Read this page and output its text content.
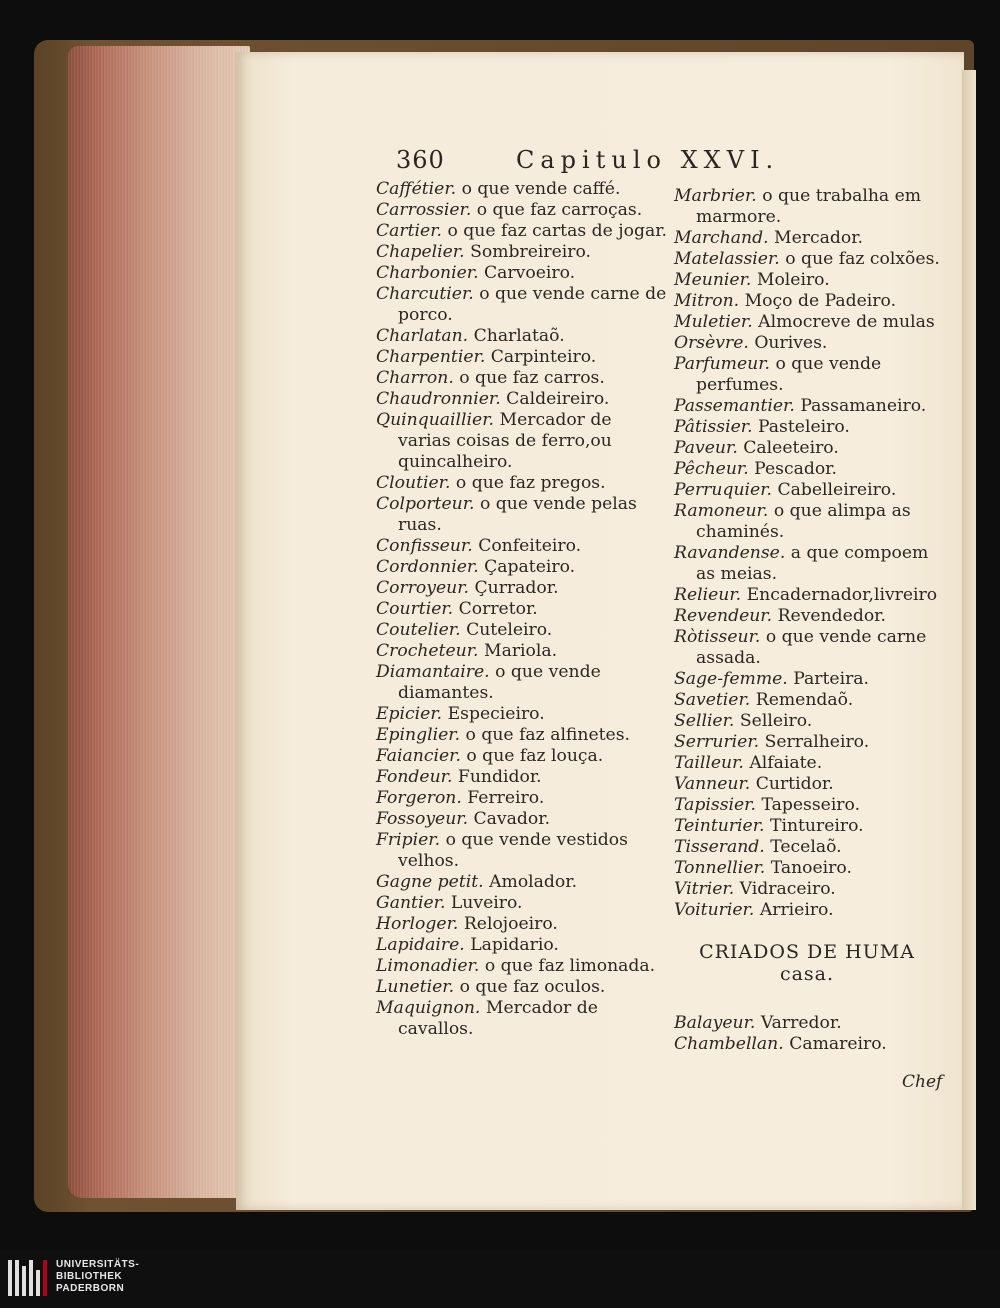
360	Capitulo XXVI.

Caffétier. o que vende caffé.

Carrossier. o que faz carroças.

Cartier. o que faz cartas de jogar.

Chapelier. Sombreireiro.

Charbonier. Carvoeiro.

Charcutier. o que vende carne de porco.

Charlatan. Charlataõ.

Charpentier. Carpinteiro.

Charron. o que faz carros.

Chaudronnier. Caldeireiro.

Quinquaillier. Mercador de varias coisas de ferro,ou quincalheiro.

Cloutier. o que faz pregos.

Colporteur. o que vende pelas ruas.

Confisseur. Confeiteiro.

Cordonnier. Çapateiro.

Corroyeur. Çurrador.

Courtier. Corretor.

Coutelier. Cuteleiro.

Crocheteur. Mariola.

Diamantaire. o que vende diamantes.

Epicier. Especieiro.

Epinglier. o que faz alfinetes.

Faiancier. o que faz louça.

Fondeur. Fundidor.

Forgeron. Ferreiro.

Fossoyeur. Cavador.

Fripier. o que vende vestidos velhos.

Gagne petit. Amolador.

Gantier. Luveiro.

Horloger. Relojoeiro.

Lapidaire. Lapidario.

Limonadier. o que faz limonada.

Lunetier. o que faz oculos.

Maquignon. Mercador de cavallos.

Marbrier. o que trabalha em marmore.

Marchand. Mercador.

Matelassier. o que faz colxões.

Meunier. Moleiro.

Mitron. Moço de Padeiro.

Muletier. Almocreve de mulas

Orsèvre. Ourives.

Parfumeur. o que vende perfumes.

Passemantier. Passamaneiro.

Pâtissier. Pasteleiro.

Paveur. Caleeteiro.

Pêcheur. Pescador.

Perruquier. Cabelleireiro.

Ramoneur. o que alimpa as chaminés.

Ravandense. a que compoem as meias.

Relieur. Encadernador,livreiro

Revendeur. Revendedor.

Ròtisseur. o que vende carne assada.

Sage-femme. Parteira.

Savetier. Remendaõ.

Sellier. Selleiro.

Serrurier. Serralheiro.

Tailleur. Alfaiate.

Vanneur. Curtidor.

Tapissier. Tapesseiro.

Teinturier. Tintureiro.

Tisserand. Tecelaõ.

Tonnellier. Tanoeiro.

Vitrier. Vidraceiro.

Voiturier. Arrieiro.

CRIADOS DE HUMA
casa.

Balayeur. Varredor.

Chambellan. Camareiro.

Chef
UNIVERSITÄTS-
BIBLIOTHEK
PADERBORN
